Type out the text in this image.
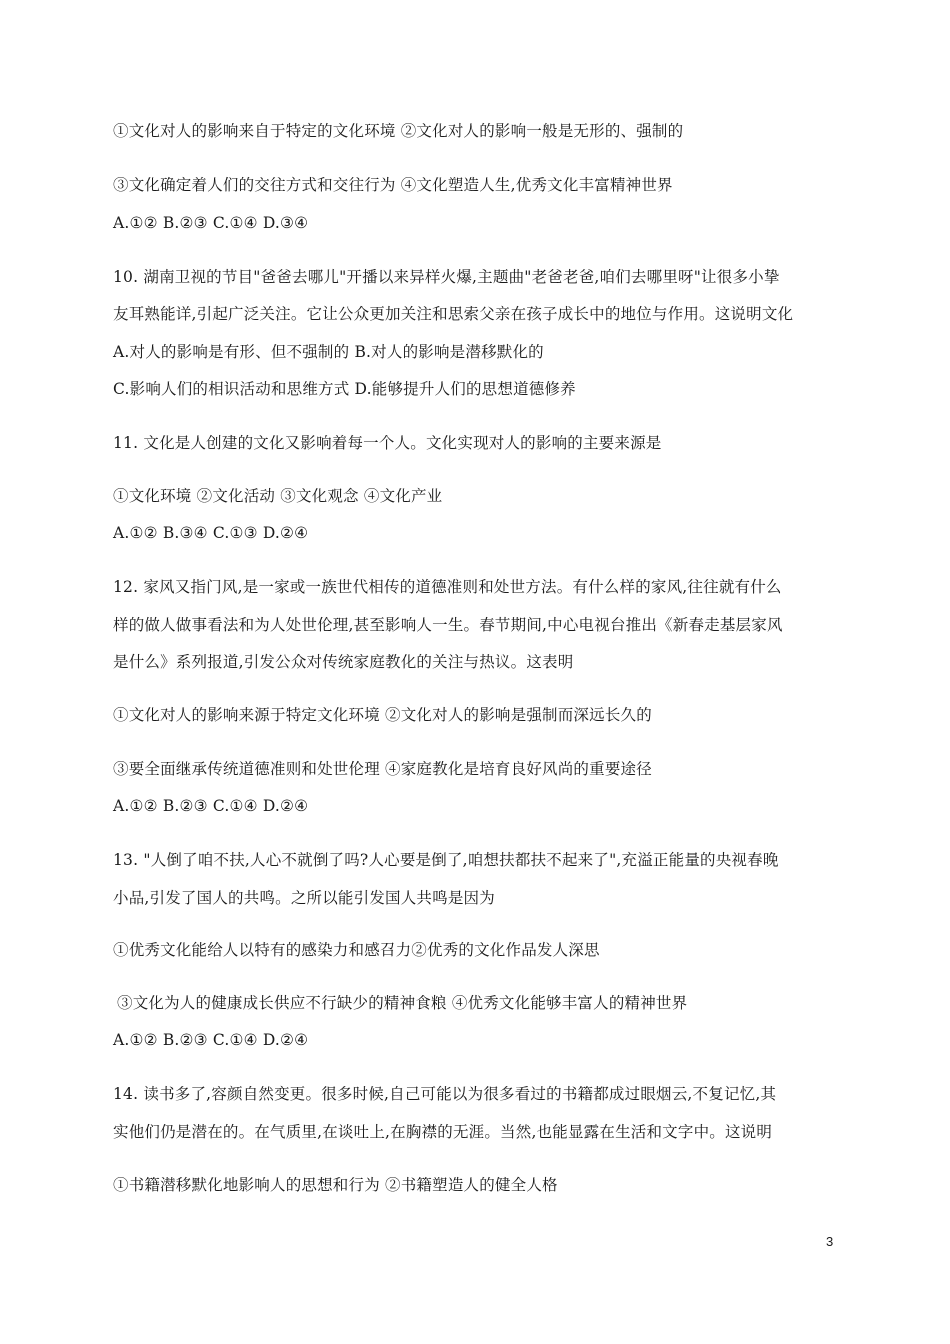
①文化对人的影响来自于特定的文化环境 ②文化对人的影响一般是无形的、强制的
③文化确定着人们的交往方式和交往行为 ④文化塑造人生,优秀文化丰富精神世界
A.①② B.②③ C.①④ D.③④
10. 湖南卫视的节目"爸爸去哪儿"开播以来异样火爆,主题曲"老爸老爸,咱们去哪里呀"让很多小挚
友耳熟能详,引起广泛关注。它让公众更加关注和思索父亲在孩子成长中的地位与作用。这说明文化
A.对人的影响是有形、但不强制的 B.对人的影响是潜移默化的
C.影响人们的相识活动和思维方式 D.能够提升人们的思想道德修养
11. 文化是人创建的文化又影响着每一个人。文化实现对人的影响的主要来源是
①文化环境 ②文化活动 ③文化观念 ④文化产业
A.①② B.③④ C.①③ D.②④
12. 家风又指门风,是一家或一族世代相传的道德准则和处世方法。有什么样的家风,往往就有什么
样的做人做事看法和为人处世伦理,甚至影响人一生。春节期间,中心电视台推出《新春走基层家风
是什么》系列报道,引发公众对传统家庭教化的关注与热议。这表明
①文化对人的影响来源于特定文化环境 ②文化对人的影响是强制而深远长久的
③要全面继承传统道德准则和处世伦理 ④家庭教化是培育良好风尚的重要途径
A.①② B.②③ C.①④ D.②④
13. "人倒了咱不扶,人心不就倒了吗?人心要是倒了,咱想扶都扶不起来了",充溢正能量的央视春晚
小品,引发了国人的共鸣。之所以能引发国人共鸣是因为
①优秀文化能给人以特有的感染力和感召力②优秀的文化作品发人深思
③文化为人的健康成长供应不行缺少的精神食粮 ④优秀文化能够丰富人的精神世界
A.①② B.②③ C.①④ D.②④
14. 读书多了,容颜自然变更。很多时候,自己可能以为很多看过的书籍都成过眼烟云,不复记忆,其
实他们仍是潜在的。在气质里,在谈吐上,在胸襟的无涯。当然,也能显露在生活和文字中。这说明
①书籍潜移默化地影响人的思想和行为 ②书籍塑造人的健全人格
3
